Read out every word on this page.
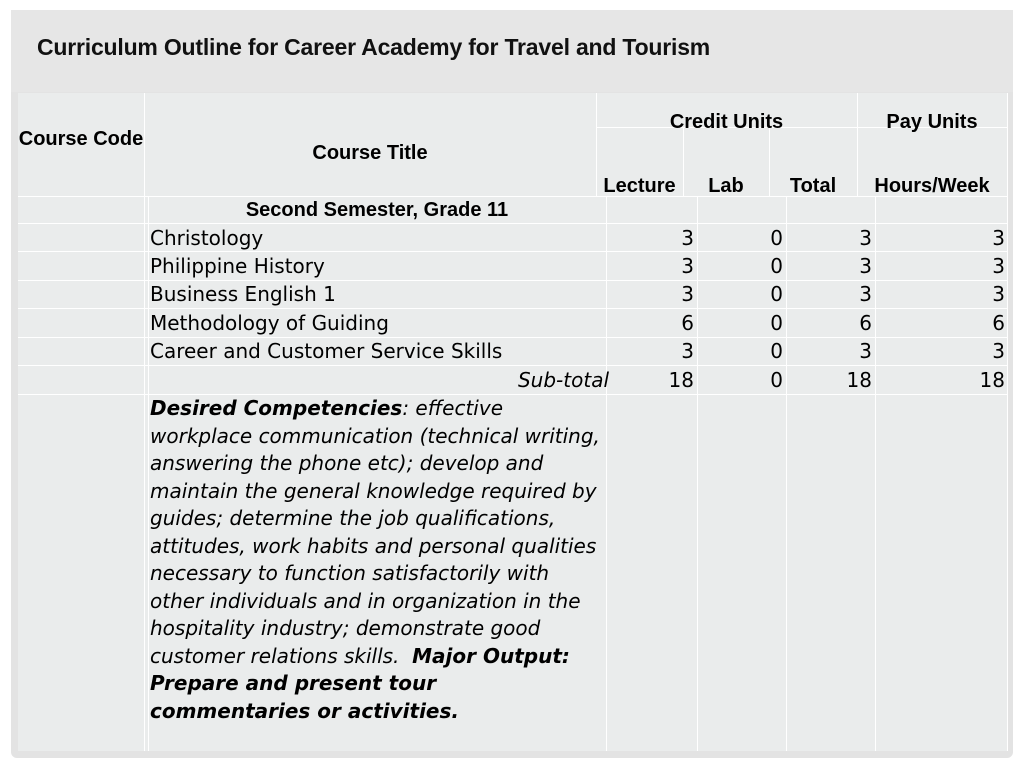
Curriculum Outline for Career Academy for Travel and Tourism
Course Code
Course Title
Credit Units	Pay Units
Lecture	Lab	Total	Hours/Week
Second Semester, Grade 11
Christology	3	0	3	3
Philippine History	3	0	3	3
Business English 1	3	0	3	3
Methodology of Guiding	6	0	6	6
Career and Customer Service Skills	3	0	3	3
Sub-total	18	0	18	18
Desired Competencies: effective workplace communication (technical writing, answering the phone etc); develop and maintain the general knowledge required by guides; determine the job qualifications, attitudes, work habits and personal qualities necessary to function satisfactorily with other individuals and in organization in the hospitality industry; demonstrate good customer relations skills. Major Output: Prepare and present tour commentaries or activities.
